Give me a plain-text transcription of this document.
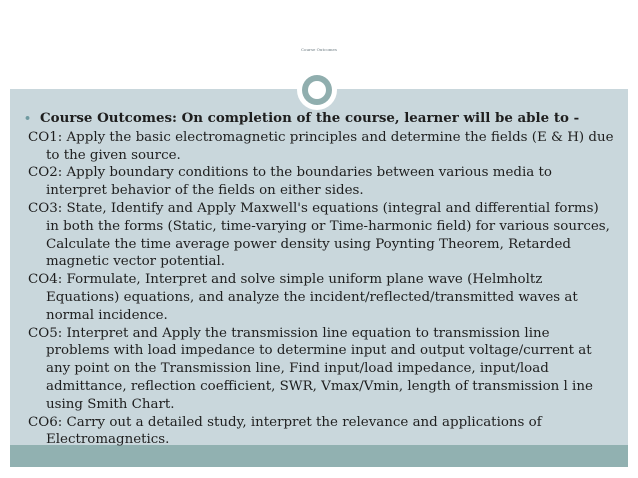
Course Outcomes
• Course Outcomes: On completion of the course, learner will be able to -
CO1: Apply the basic electromagnetic principles and determine the fields (E & H) due to the given source.
CO2: Apply boundary conditions to the boundaries between various media to interpret behavior of the fields on either sides.
CO3: State, Identify and Apply Maxwell's equations (integral and differential forms) in both the forms (Static, time-varying or Time-harmonic field) for various sources, Calculate the time average power density using Poynting Theorem, Retarded magnetic vector potential.
CO4: Formulate, Interpret and solve simple uniform plane wave (Helmholtz Equations) equations, and analyze the incident/reflected/transmitted waves at normal incidence.
CO5: Interpret and Apply the transmission line equation to transmission line problems with load impedance to determine input and output voltage/current at any point on the Transmission line, Find input/load impedance, input/load admittance, reflection coefficient, SWR, Vmax/Vmin, length of transmission l ine using Smith Chart.
CO6: Carry out a detailed study, interpret the relevance and applications of Electromagnetics.
